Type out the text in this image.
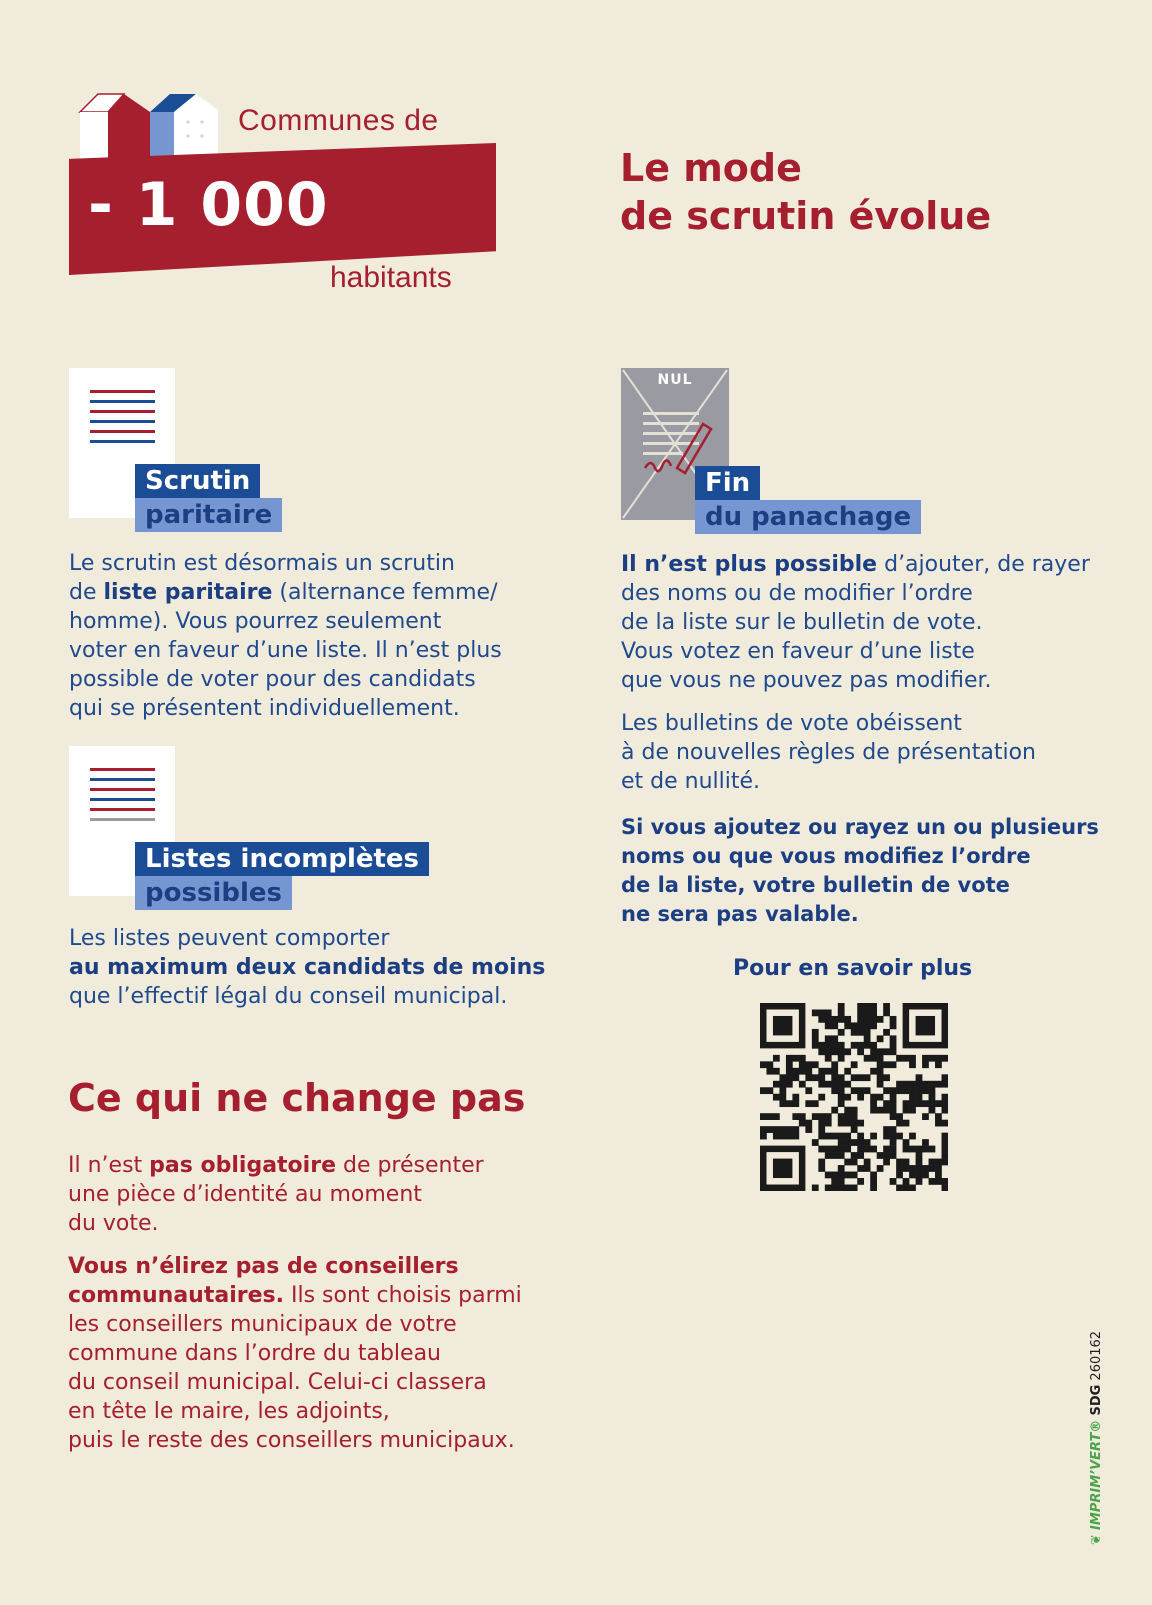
Communes de
- 1 000
habitants
Le mode
de scrutin évolue
Scrutin
paritaire
Le scrutin est désormais un scrutin
de liste paritaire (alternance femme/
homme). Vous pourrez seulement
voter en faveur d’une liste. Il n’est plus
possible de voter pour des candidats
qui se présentent individuellement.
Listes incomplètes
possibles
Les listes peuvent comporter
au maximum deux candidats de moins
que l’effectif légal du conseil municipal.
NUL
Fin
du panachage
Il n’est plus possible d’ajouter, de rayer
des noms ou de modifier l’ordre
de la liste sur le bulletin de vote.
Vous votez en faveur d’une liste
que vous ne pouvez pas modifier.
Les bulletins de vote obéissent
à de nouvelles règles de présentation
et de nullité.
Si vous ajoutez ou rayez un ou plusieurs
noms ou que vous modifiez l’ordre
de la liste, votre bulletin de vote
ne sera pas valable.
Pour en savoir plus
Ce qui ne change pas
Il n’est pas obligatoire de présenter
une pièce d’identité au moment
du vote.
Vous n’élirez pas de conseillers
communautaires. Ils sont choisis parmi
les conseillers municipaux de votre
commune dans l’ordre du tableau
du conseil municipal. Celui-ci classera
en tête le maire, les adjoints,
puis le reste des conseillers municipaux.
❦ IMPRIM’VERT® SDG 260162
